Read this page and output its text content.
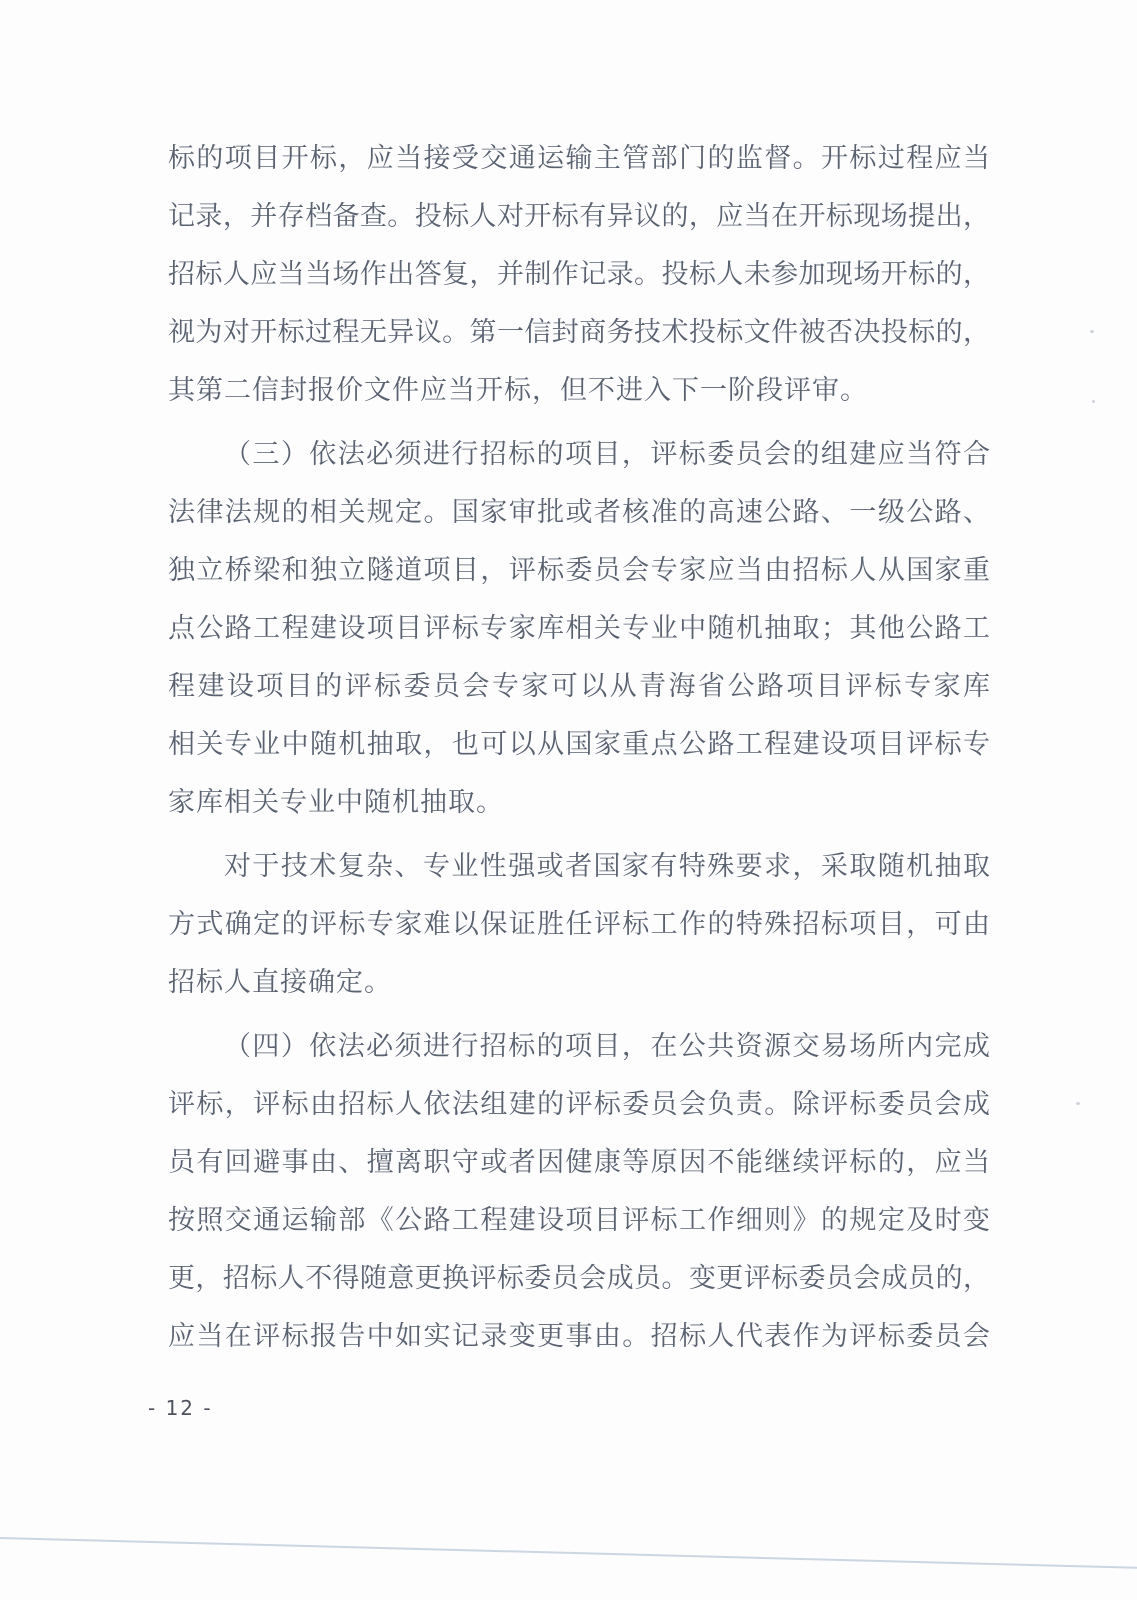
标的项目开标，应当接受交通运输主管部门的监督。开标过程应当
记录，并存档备查。投标人对开标有异议的，应当在开标现场提出，
招标人应当当场作出答复，并制作记录。投标人未参加现场开标的，
视为对开标过程无异议。第一信封商务技术投标文件被否决投标的，
其第二信封报价文件应当开标，但不进入下一阶段评审。
（三）依法必须进行招标的项目，评标委员会的组建应当符合
法律法规的相关规定。国家审批或者核准的高速公路、一级公路、
独立桥梁和独立隧道项目，评标委员会专家应当由招标人从国家重
点公路工程建设项目评标专家库相关专业中随机抽取；其他公路工
程建设项目的评标委员会专家可以从青海省公路项目评标专家库
相关专业中随机抽取，也可以从国家重点公路工程建设项目评标专
家库相关专业中随机抽取。
对于技术复杂、专业性强或者国家有特殊要求，采取随机抽取
方式确定的评标专家难以保证胜任评标工作的特殊招标项目，可由
招标人直接确定。
（四）依法必须进行招标的项目，在公共资源交易场所内完成
评标，评标由招标人依法组建的评标委员会负责。除评标委员会成
员有回避事由、擅离职守或者因健康等原因不能继续评标的，应当
按照交通运输部《公路工程建设项目评标工作细则》的规定及时变
更，招标人不得随意更换评标委员会成员。变更评标委员会成员的，
应当在评标报告中如实记录变更事由。招标人代表作为评标委员会
- 12 -
